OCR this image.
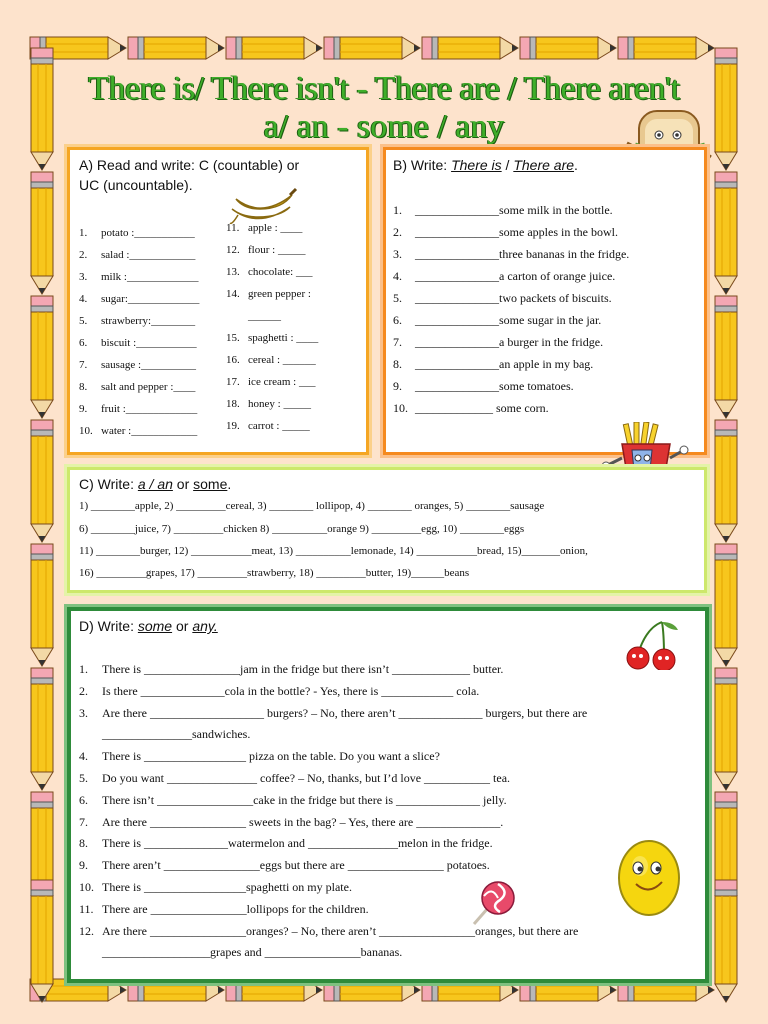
There is/ There isn't - There are / There aren't
a/ an - some / any
A) Read and write: C (countable) or
UC (uncountable).
1. potato :___________
2. salad :____________
3. milk :_____________
4. sugar:_____________
5. strawberry:________
6. biscuit :___________
7. sausage :__________
8. salt and pepper :____
9. fruit :_____________
10. water :____________
11. apple : ____
12. flour : _____
13. chocolate: ___
14. green pepper :
______
15. spaghetti : ____
16. cereal : ______
17. ice cream : ___
18. honey : _____
19. carrot : _____
B) Write: There is / There are.
1. ______________some milk in the bottle.
2. ______________some apples in the bowl.
3. ______________three bananas in the fridge.
4. ______________a carton of orange juice.
5. ______________two packets of biscuits.
6. ______________some sugar in the jar.
7. ______________a burger in the fridge.
8. ______________an apple in my bag.
9. ______________some tomatoes.
10. _____________ some corn.
C) Write: a / an or some.
1) ________apple, 2) _________cereal, 3) ________ lollipop, 4) ________ oranges, 5) ________sausage
6) ________juice, 7) _________chicken 8) __________orange 9) _________egg, 10) ________eggs
11) ________burger, 12) ___________meat, 13) __________lemonade, 14) ___________bread, 15)_______onion,
16) _________grapes, 17) _________strawberry, 18) _________butter, 19)______beans
D) Write: some or any.
1. There is ________________jam in the fridge but there isn’t _____________ butter.
2. Is there ______________cola in the bottle? - Yes, there is ____________ cola.
3. Are there ___________________ burgers? – No, there aren’t ______________ burgers, but there are
_______________sandwiches.
4. There is _________________ pizza on the table. Do you want a slice?
5. Do you want _______________ coffee? – No, thanks, but I’d love ___________ tea.
6. There isn’t ________________cake in the fridge but there is ______________ jelly.
7. Are there ________________ sweets in the bag? – Yes, there are ______________.
8. There is ______________watermelon and _______________melon in the fridge.
9. There aren’t ________________eggs but there are ________________ potatoes.
10. There is _________________spaghetti on my plate.
11. There are ________________lollipops for the children.
12. Are there ________________oranges? – No, there aren’t ________________oranges, but there are
__________________grapes and ________________bananas.
